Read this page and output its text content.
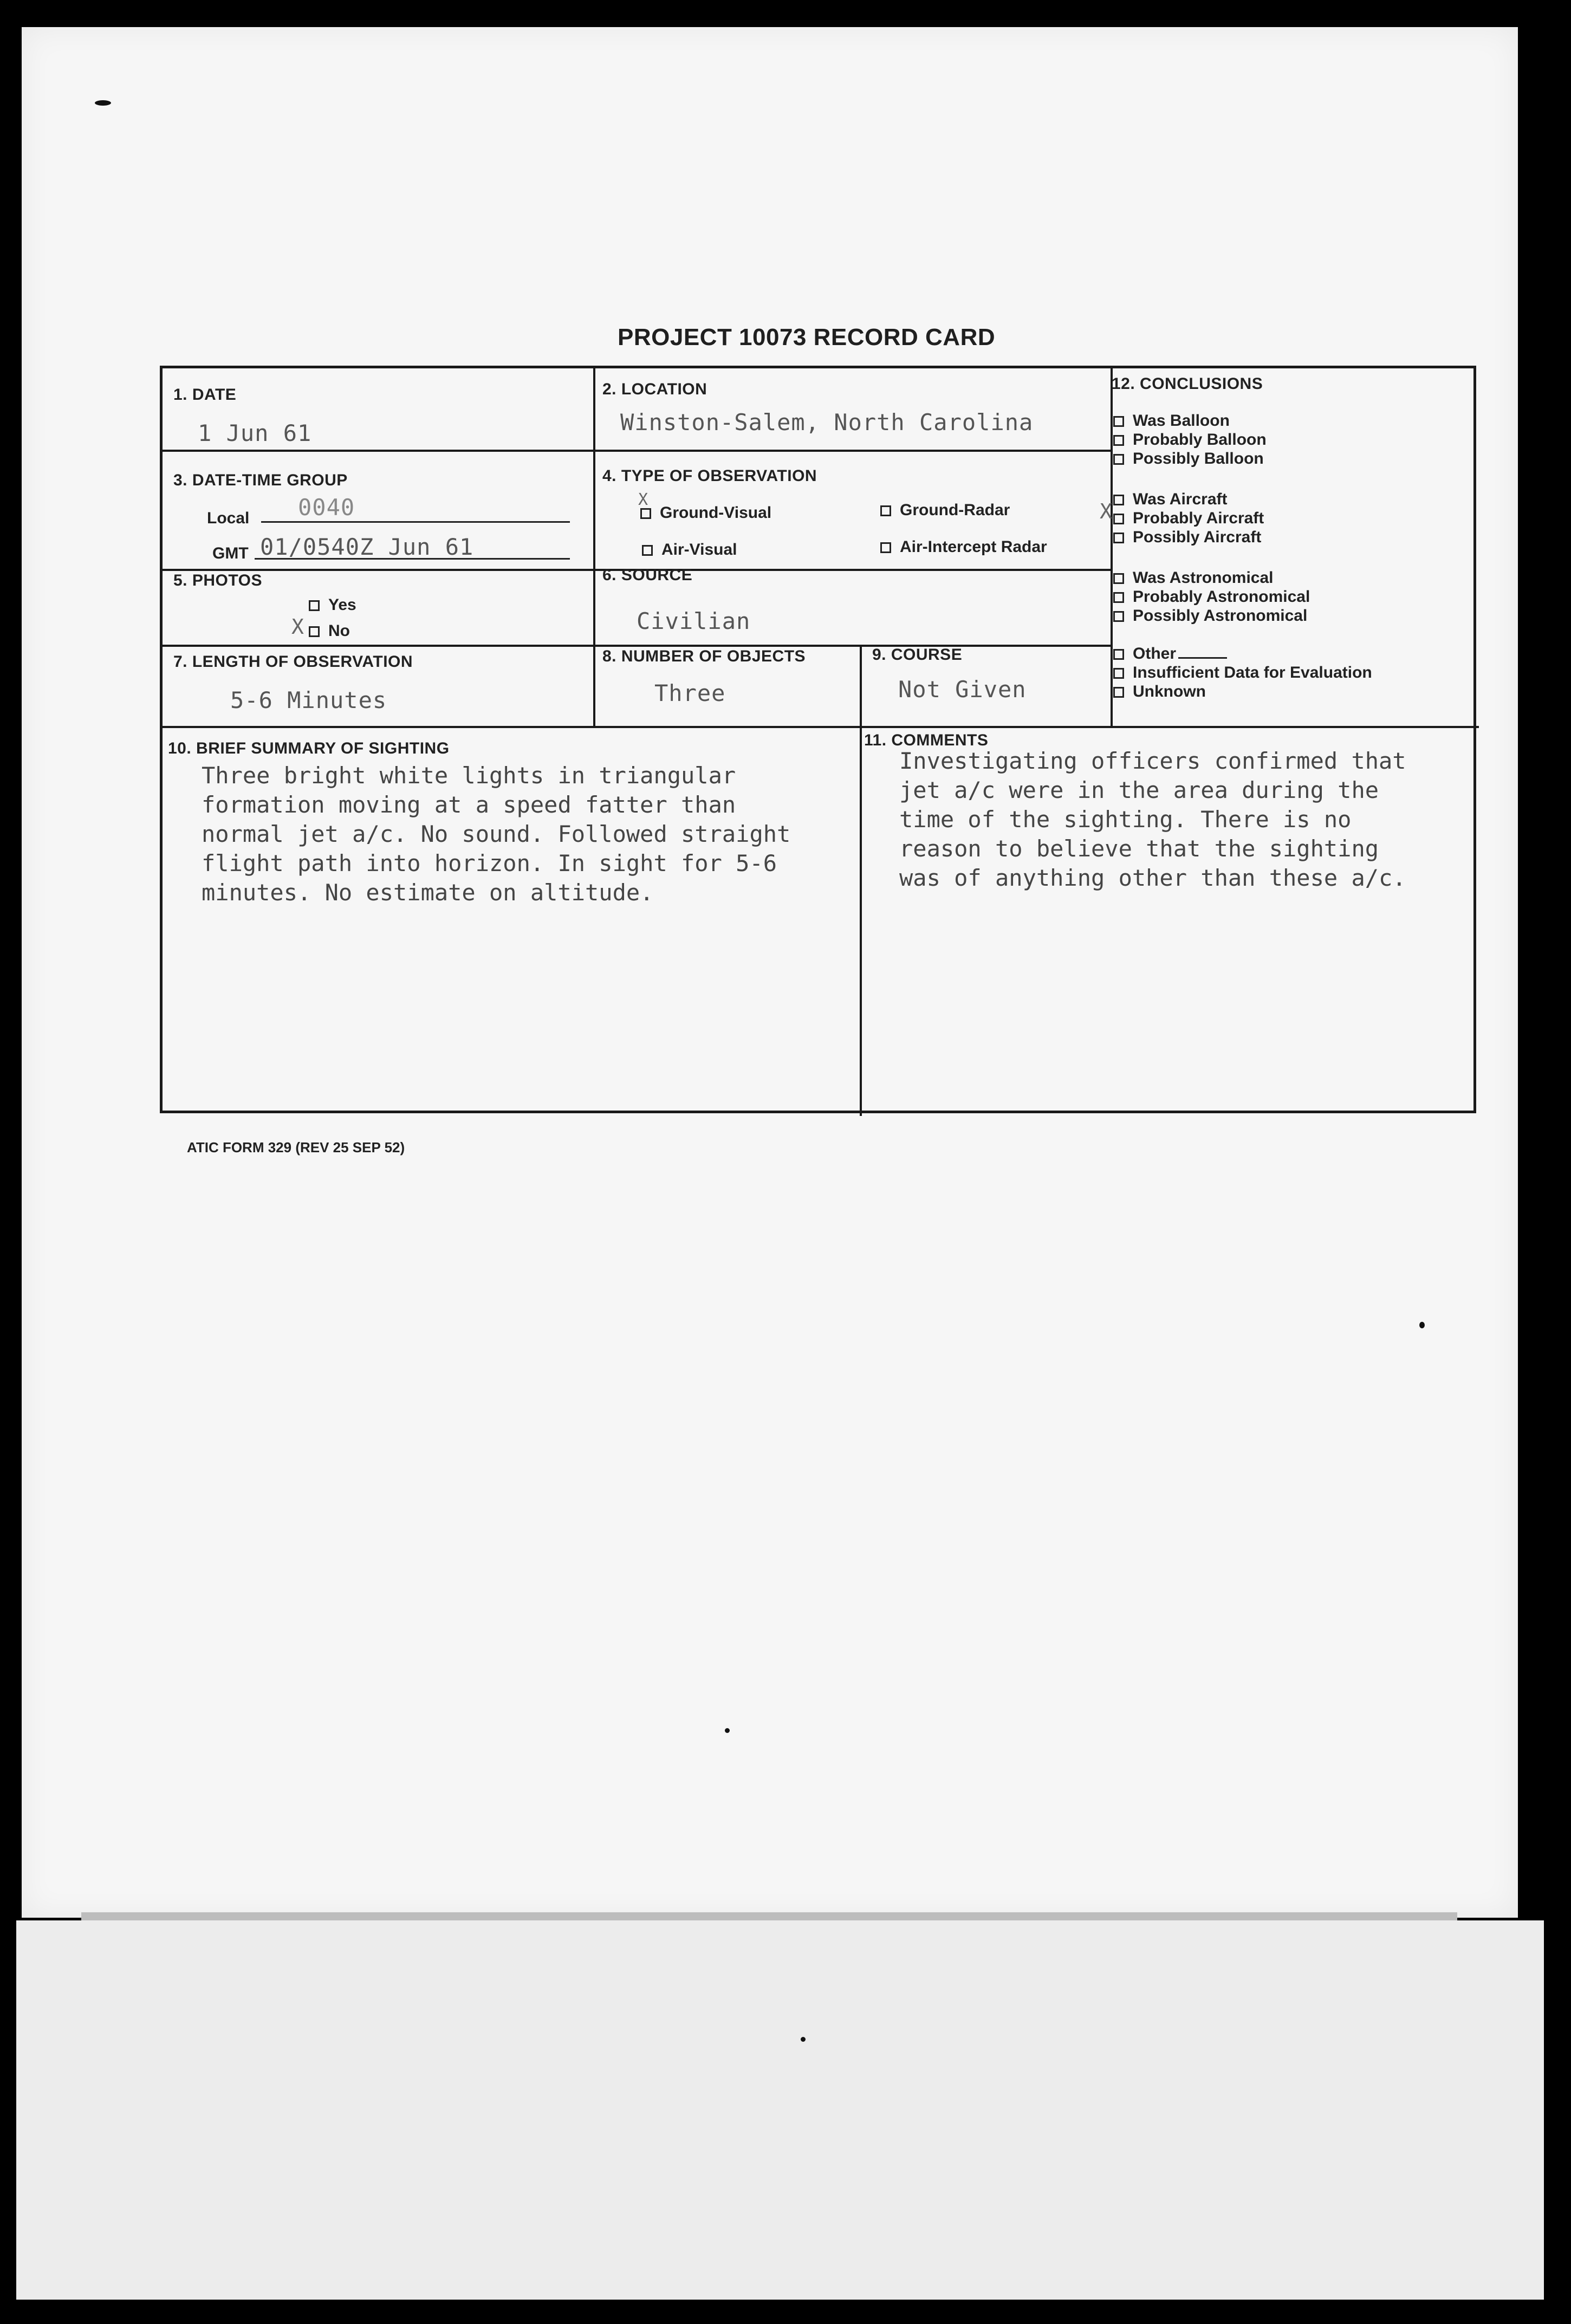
PROJECT 10073 RECORD CARD
1. DATE
1 Jun 61
2. LOCATION
Winston-Salem, North Carolina
3. DATE-TIME GROUP
Local 0040
GMT 01/0540Z Jun 61
4. TYPE OF OBSERVATION
Ground-Visual
X
Ground-Radar
Air-Visual	Air-Intercept Radar
5. PHOTOS
Yes
No
X
6. SOURCE
Civilian
7. LENGTH OF OBSERVATION
5-6 Minutes
8. NUMBER OF OBJECTS
Three
9. COURSE
Not Given
10. BRIEF SUMMARY OF SIGHTING
Three bright white lights in triangular
formation moving at a speed fatter than
normal jet a/c. No sound. Followed straight
flight path into horizon. In sight for 5-6
minutes. No estimate on altitude.
11. COMMENTS
Investigating officers confirmed that
jet a/c were in the area during the
time of the sighting. There is no
reason to believe that the sighting
was of anything other than these a/c.
12. CONCLUSIONS
Was Balloon
Probably Balloon
Possibly Balloon
Was Aircraft
Probably Aircraft
Possibly Aircraft
Was Astronomical
Probably Astronomical
Possibly Astronomical
Other
Insufficient Data for Evaluation
Unknown
X
ATIC FORM 329 (REV 25 SEP 52)
